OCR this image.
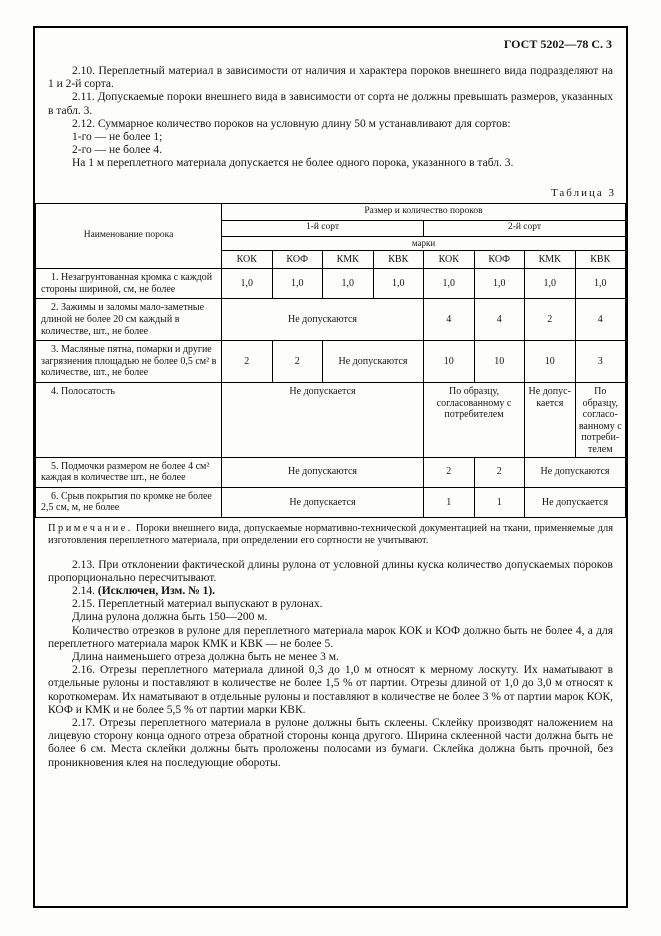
ГОСТ 5202—78 С. 3

2.10. Переплетный материал в зависимости от наличия и характера пороков внешнего вида подразделяют на 1 и 2-й сорта.

2.11. Допускаемые пороки внешнего вида в зависимости от сорта не должны превышать размеров, указанных в табл. 3.

2.12. Суммарное количество пороков на условную длину 50 м устанавливают для сортов:

1-го — не более 1;

2-го — не более 4.

На 1 м переплетного материала допускается не более одного порока, указанного в табл. 3.

Таблица 3
Наименование порока	Размер и количество пороков							
	1-й сорт				2-й сорт			
	марки							
	КОК	КОФ	КМК	КВК	КОК	КОФ	КМК	КВК
1. Незагрунтованная кромка с каждой стороны шириной, см, не более	1,0	1,0	1,0	1,0	1,0	1,0	1,0	1,0
2. Зажимы и заломы мало-заметные длиной не более 20 см каждый в количестве, шт., не более	Не допускаются				4	4	2	4
3. Масляные пятна, помарки и другие загрязнения площадью не более 0,5 см² в количестве, шт., не более	2	2	Не допускаются		10	10	10	3
4. Полосатость	Не допускается				По образцу, согласованному с потребителем		Не допускается	По образцу, согласованному с потребителем
5. Подмочки размером не более 4 см² каждая в количестве шт., не более	Не допускаются				2	2	Не допускаются	
6. Срыв покрытия по кромке не более 2,5 см, м, не более	Не допускается				1	1	Не допускается	

Примечание. Пороки внешнего вида, допускаемые нормативно-технической документацией на ткани, применяемые для изготовления переплетного материала, при определении его сортности не учитывают.

2.13. При отклонении фактической длины рулона от условной длины куска количество допускаемых пороков пропорционально пересчитывают.

2.14. (Исключен, Изм. № 1).

2.15. Переплетный материал выпускают в рулонах.

Длина рулона должна быть 150—200 м.

Количество отрезков в рулоне для переплетного материала марок КОК и КОФ должно быть не более 4, а для переплетного материала марок КМК и КВК — не более 5.

Длина наименьшего отреза должна быть не менее 3 м.

2.16. Отрезы переплетного материала длиной 0,3 до 1,0 м относят к мерному лоскуту. Их наматывают в отдельные рулоны и поставляют в количестве не более 1,5 % от партии. Отрезы длиной от 1,0 до 3,0 м относят к короткомерам. Их наматывают в отдельные рулоны и поставляют в количестве не более 3 % от партии марок КОК, КОФ и КМК и не более 5,5 % от партии марки КВК.

2.17. Отрезы переплетного материала в рулоне должны быть склеены. Склейку производят наложением на лицевую сторону конца одного отреза обратной стороны конца другого. Ширина склеенной части должна быть не более 6 см. Места склейки должны быть проложены полосами из бумаги. Склейка должна быть прочной, без проникновения клея на последующие обороты.
